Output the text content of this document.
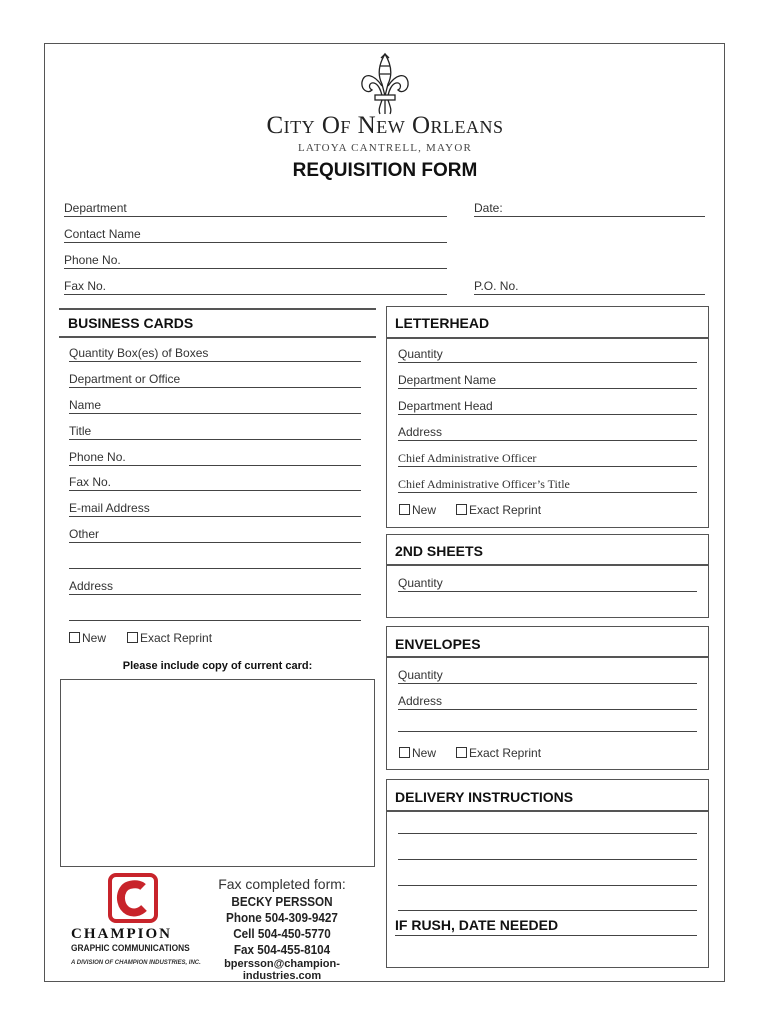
City Of New Orleans
LATOYA CANTRELL, MAYOR
REQUISITION FORM
Department	Date:
Contact Name
Phone No.
Fax No.	P.O. No.
BUSINESS CARDS
Quantity Box(es) of Boxes
Department or Office
Name
Title
Phone No.
Fax No.
E-mail Address
Other
Address
New	Exact Reprint
Please include copy of current card:
CHAMPION
GRAPHIC COMMUNICATIONS
A DIVISION OF CHAMPION INDUSTRIES, INC.
Fax completed form:
BECKY PERSSON
Phone 504-309-9427
Cell 504-450-5770
Fax 504-455-8104
bpersson@champion-industries.com
LETTERHEAD
Quantity
Department Name
Department Head
Address
Chief Administrative Officer
Chief Administrative Officer’s Title
New	Exact Reprint
2ND SHEETS
Quantity
ENVELOPES
Quantity
Address
New	Exact Reprint
DELIVERY INSTRUCTIONS
IF RUSH, DATE NEEDED
